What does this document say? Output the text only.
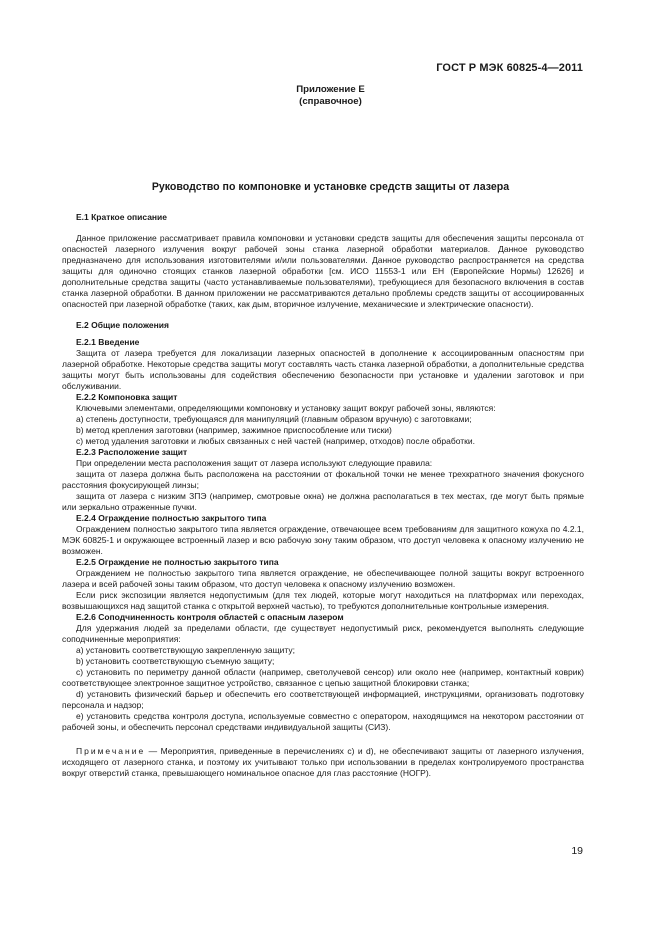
ГОСТ Р МЭК 60825-4—2011
Приложение Е
(справочное)
Руководство по компоновке и установке средств защиты от лазера

Е.1 Краткое описание

Данное приложение рассматривает правила компоновки и установки средств защиты для обеспечения защиты персонала от опасностей лазерного излучения вокруг рабочей зоны станка лазерной обработки материалов. Данное руководство предназначено для использования изготовителями и/или пользователями. Данное руководство распространяется на средства защиты для одиночно стоящих станков лазерной обработки [см. ИСО 11553-1 или ЕН (Европейские Нормы) 12626] и дополнительные средства защиты (часто устанавливаемые пользователями), требующиеся для безопасного включения в состав станка лазерной обработки. В данном приложении не рассматриваются детально проблемы средств защиты от ассоциированных опасностей при лазерной обработке (таких, как дым, вторичное излучение, механические и электрические опасности).

Е.2 Общие положения

Е.2.1 Введение

Защита от лазера требуется для локализации лазерных опасностей в дополнение к ассоциированным опасностям при лазерной обработке. Некоторые средства защиты могут составлять часть станка лазерной обработки, а дополнительные средства защиты могут быть использованы для содействия обеспечению безопасности при установке и удалении заготовок и при обслуживании.

Е.2.2 Компоновка защит

Ключевыми элементами, определяющими компоновку и установку защит вокруг рабочей зоны, являются:

a) степень доступности, требующаяся для манипуляций (главным образом вручную) с заготовками;

b) метод крепления заготовки (например, зажимное приспособление или тиски)

c) метод удаления заготовки и любых связанных с ней частей (например, отходов) после обработки.

Е.2.3 Расположение защит

При определении места расположения защит от лазера используют следующие правила:

защита от лазера должна быть расположена на расстоянии от фокальной точки не менее трехкратного значения фокусного расстояния фокусирующей линзы;

защита от лазера с низким ЗПЭ (например, смотровые окна) не должна располагаться в тех местах, где могут быть прямые или зеркально отраженные пучки.

Е.2.4 Ограждение полностью закрытого типа

Ограждением полностью закрытого типа является ограждение, отвечающее всем требованиям для защитного кожуха по 4.2.1, МЭК 60825-1 и окружающее встроенный лазер и всю рабочую зону таким образом, что доступ человека к опасному излучению не возможен.

Е.2.5 Ограждение не полностью закрытого типа

Ограждением не полностью закрытого типа является ограждение, не обеспечивающее полной защиты вокруг встроенного лазера и всей рабочей зоны таким образом, что доступ человека к опасному излучению возможен.

Если риск экспозиции является недопустимым (для тех людей, которые могут находиться на платформах или переходах, возвышающихся над защитой станка с открытой верхней частью), то требуются дополнительные контрольные измерения.

Е.2.6 Соподчиненность контроля областей с опасным лазером

Для удержания людей за пределами области, где существует недопустимый риск, рекомендуется выполнять следующие соподчиненные мероприятия:

a) установить соответствующую закрепленную защиту;

b) установить соответствующую съемную защиту;

c) установить по периметру данной области (например, светолучевой сенсор) или около нее (например, контактный коврик) соответствующее электронное защитное устройство, связанное с цепью защитной блокировки станка;

d) установить физический барьер и обеспечить его соответствующей информацией, инструкциями, организовать подготовку персонала и надзор;

e) установить средства контроля доступа, используемые совместно с оператором, находящимся на некотором расстоянии от рабочей зоны, и обеспечить персонал средствами индивидуальной защиты (СИЗ).

Примечание — Мероприятия, приведенные в перечислениях c) и d), не обеспечивают защиты от лазерного излучения, исходящего от лазерного станка, и поэтому их учитывают только при использовании в пределах контролируемого пространства вокруг отверстий станка, превышающего номинальное опасное для глаз расстояние (НОГР).

19
